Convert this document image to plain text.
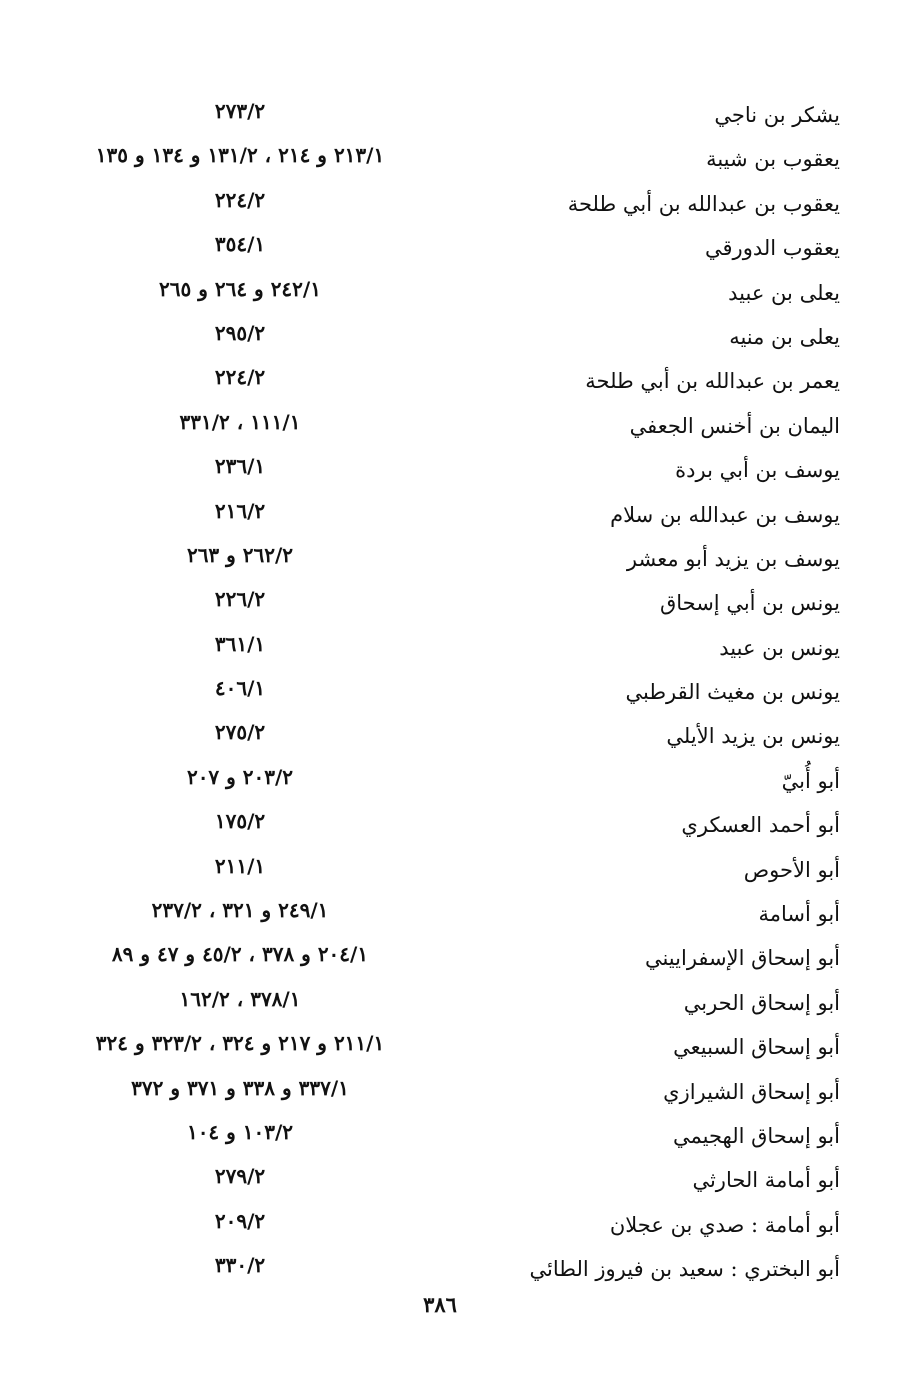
يشكر بن ناجي
٢٧٣/٢
يعقوب بن شيبة
٢١٣/١ و ٢١٤ ، ١٣١/٢ و ١٣٤ و ١٣٥
يعقوب بن عبدالله بن أبي طلحة
٢٢٤/٢
يعقوب الدورقي
٣٥٤/١
يعلى بن عبيد
٢٤٢/١ و ٢٦٤ و ٢٦٥
يعلى بن منيه
٢٩٥/٢
يعمر بن عبدالله بن أبي طلحة
٢٢٤/٢
اليمان بن أخنس الجعفي
١١١/١ ، ٣٣١/٢
يوسف بن أبي بردة
٢٣٦/١
يوسف بن عبدالله بن سلام
٢١٦/٢
يوسف بن يزيد أبو معشر
٢٦٢/٢ و ٢٦٣
يونس بن أبي إسحاق
٢٢٦/٢
يونس بن عبيد
٣٦١/١
يونس بن مغيث القرطبي
٤٠٦/١
يونس بن يزيد الأيلي
٢٧٥/٢
أبو أُبيّ
٢٠٣/٢ و ٢٠٧
أبو أحمد العسكري
١٧٥/٢
أبو الأحوص
٢١١/١
أبو أسامة
٢٤٩/١ و ٣٢١ ، ٢٣٧/٢
أبو إسحاق الإسفراييني
٢٠٤/١ و ٣٧٨ ، ٤٥/٢ و ٤٧ و ٨٩
أبو إسحاق الحربي
٣٧٨/١ ، ١٦٢/٢
أبو إسحاق السبيعي
٢١١/١ و ٢١٧ و ٣٢٤ ، ٣٢٣/٢ و ٣٢٤
أبو إسحاق الشيرازي
٣٣٧/١ و ٣٣٨ و ٣٧١ و ٣٧٢
أبو إسحاق الهجيمي
١٠٣/٢ و ١٠٤
أبو أمامة الحارثي
٢٧٩/٢
أبو أمامة : صدي بن عجلان
٢٠٩/٢
أبو البختري : سعيد بن فيروز الطائي
٣٣٠/٢
٣٨٦
